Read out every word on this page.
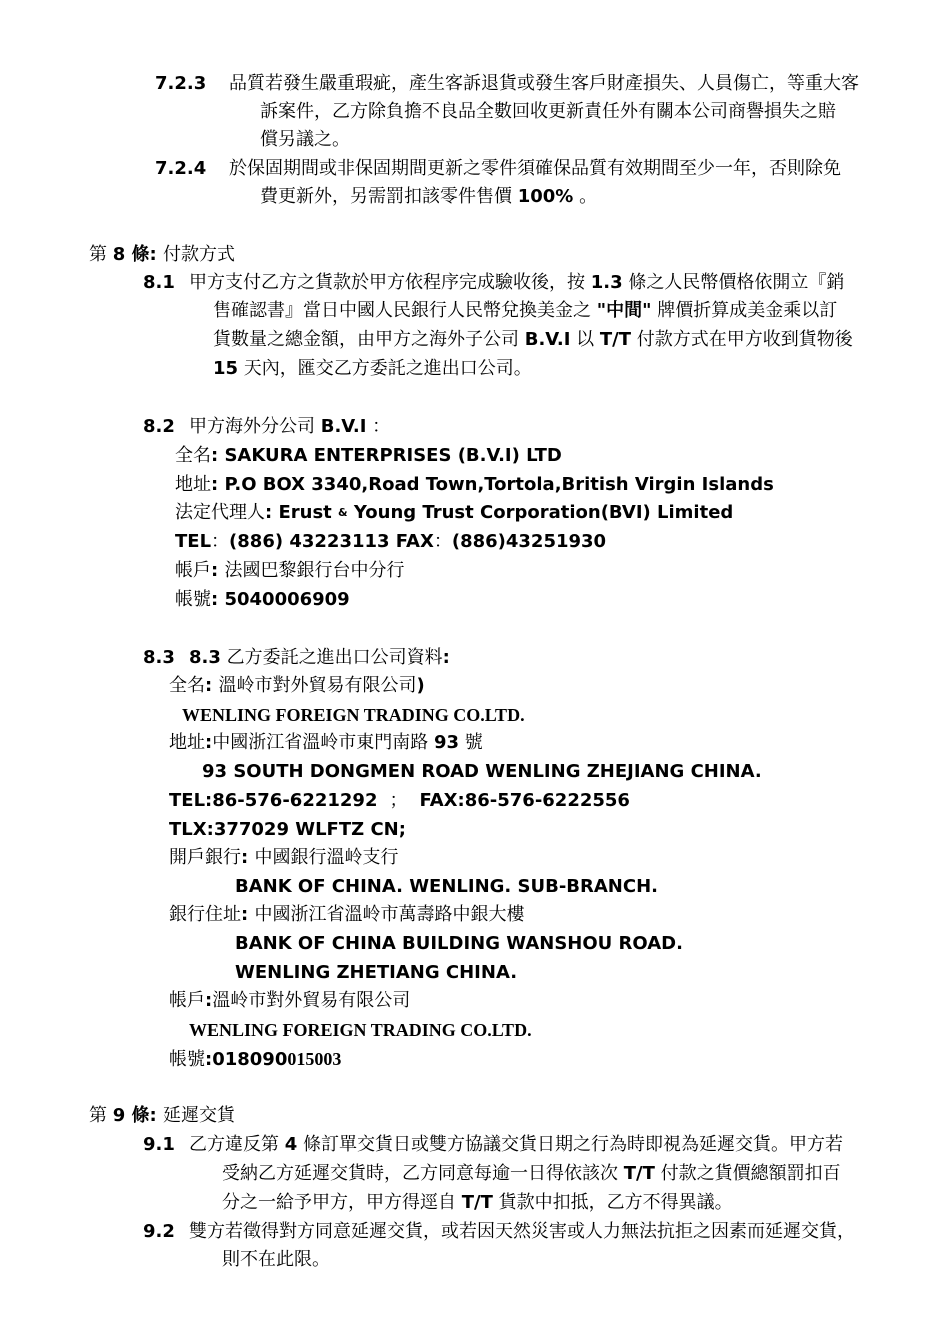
7.2.3 品質若發生嚴重瑕疵，產生客訴退貨或發生客戶財產損失、人員傷亡，等重大客
訴案件，乙方除負擔不良品全數回收更新責任外有關本公司商譽損失之賠
償另議之。
7.2.4 於保固期間或非保固期間更新之零件須確保品質有效期間至少一年，否則除免
費更新外，另需罰扣該零件售價 100% 。
第 8 條: 付款方式
8.1 甲方支付乙方之貨款於甲方依程序完成驗收後，按 1.3 條之人民幣價格依開立『銷
售確認書』當日中國人民銀行人民幣兌換美金之 "中間" 牌價折算成美金乘以訂
貨數量之總金額，由甲方之海外子公司 B.V.I 以 T/T 付款方式在甲方收到貨物後
15 天內，匯交乙方委託之進出口公司。
8.2 甲方海外分公司 B.V.I ：
全名: SAKURA ENTERPRISES (B.V.I) LTD
地址: P.O BOX 3340,Road Town,Tortola,British Virgin Islands
法定代理人: Erust & Young Trust Corporation(BVI) Limited
TEL：(886) 43223113 FAX：(886)43251930
帳戶: 法國巴黎銀行台中分行
帳號: 5040006909
8.3 8.3 乙方委託之進出口公司資料:
全名: 溫岭市對外貿易有限公司)
WENLING FOREIGN TRADING CO.LTD.
地址:中國浙江省溫岭市東門南路 93 號
93 SOUTH DONGMEN ROAD WENLING ZHEJIANG CHINA.
TEL:86-576-6221292 ； FAX:86-576-6222556
TLX:377029 WLFTZ CN;
開戶銀行: 中國銀行溫岭支行
BANK OF CHINA. WENLING. SUB-BRANCH.
銀行住址: 中國浙江省溫岭市萬壽路中銀大樓
BANK OF CHINA BUILDING WANSHOU ROAD.
WENLING ZHETIANG CHINA.
帳戶:溫岭市對外貿易有限公司
WENLING FOREIGN TRADING CO.LTD.
帳號:018090015003
第 9 條: 延遲交貨
9.1 乙方違反第 4 條訂單交貨日或雙方協議交貨日期之行為時即視為延遲交貨。甲方若
受納乙方延遲交貨時，乙方同意每逾一日得依該次 T/T 付款之貨價總額罰扣百
分之一給予甲方，甲方得逕自 T/T 貨款中扣抵，乙方不得異議。
9.2 雙方若徵得對方同意延遲交貨，或若因天然災害或人力無法抗拒之因素而延遲交貨，
則不在此限。
